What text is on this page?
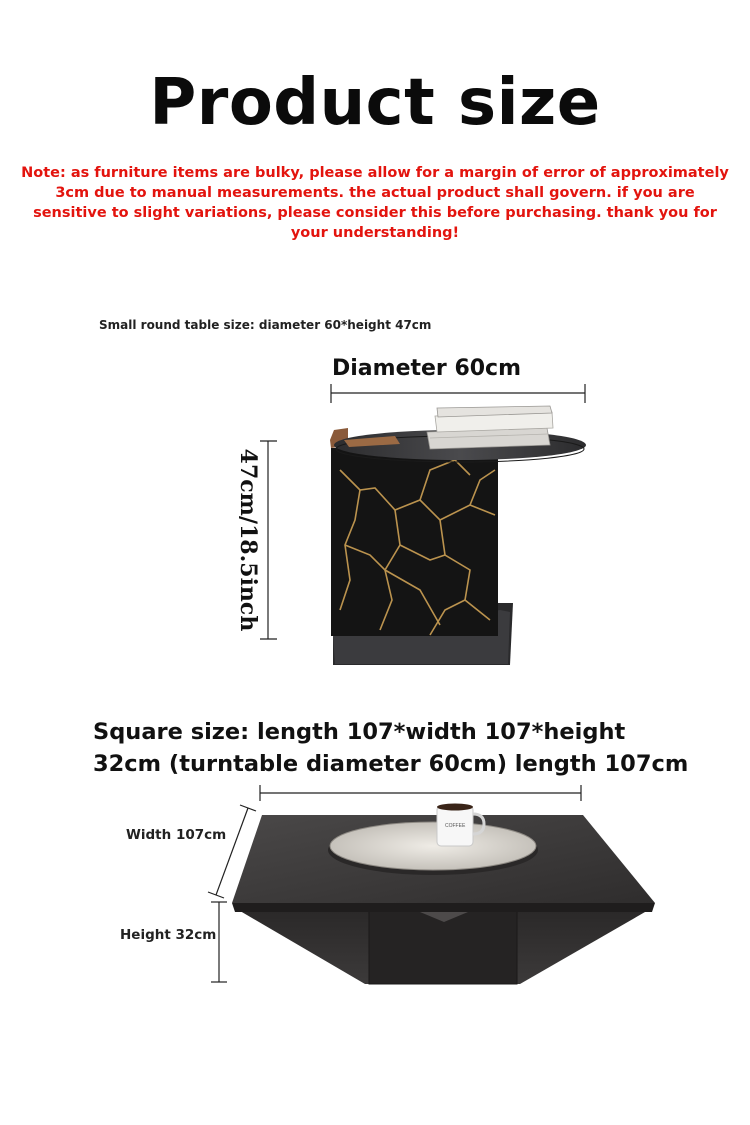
Product size
Note: as furniture items are bulky, please allow for a margin of error of approximately 3cm due to manual measurements. the actual product shall govern. if you are sensitive to slight variations, please consider this before purchasing. thank you for your understanding!
Small round table size: diameter 60*height 47cm
Diameter 60cm
47cm/18.5inch
COFFEE
Square size: length 107*width 107*height 32cm (turntable diameter 60cm) length 107cm
Width 107cm
Height 32cm
